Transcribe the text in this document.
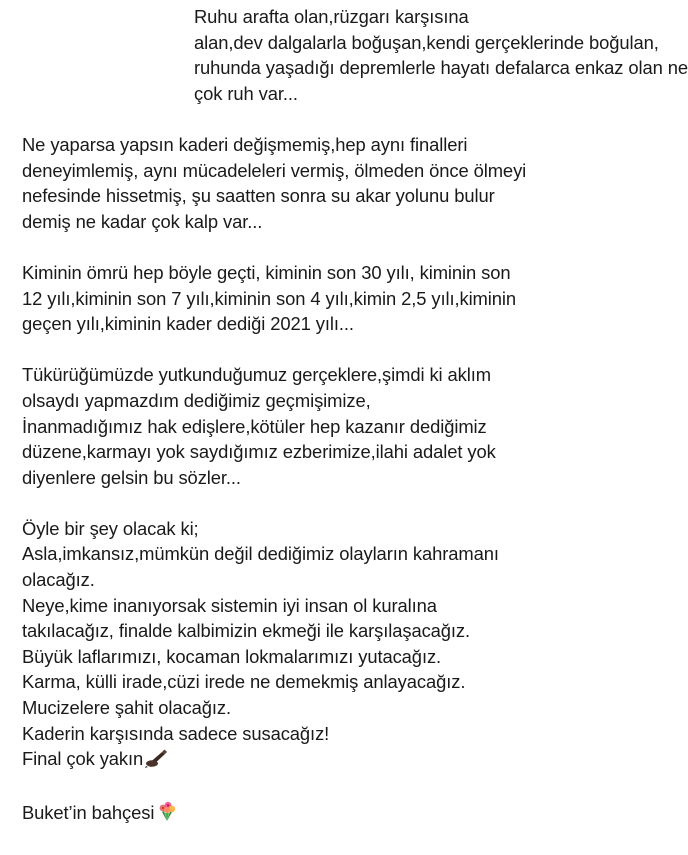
Ruhu arafta olan,rüzgarı karşısına
alan,dev dalgalarla boğuşan,kendi gerçeklerinde boğulan,
ruhunda yaşadığı depremlerle hayatı defalarca enkaz olan ne
çok ruh var...

Ne yaparsa yapsın kaderi değişmemiş,hep aynı finalleri
deneyimlemiş, aynı mücadeleleri vermiş, ölmeden önce ölmeyi
nefesinde hissetmiş, şu saatten sonra su akar yolunu bulur
demiş ne kadar çok kalp var...

Kiminin ömrü hep böyle geçti, kiminin son 30 yılı, kiminin son
12 yılı,kiminin son 7 yılı,kiminin son 4 yılı,kimin 2,5 yılı,kiminin
geçen yılı,kiminin kader dediği 2021 yılı...

Tükürüğümüzde yutkunduğumuz gerçeklere,şimdi ki aklım
olsaydı yapmazdım dediğimiz geçmişimize,
İnanmadığımız hak edişlere,kötüler hep kazanır dediğimiz
düzene,karmayı yok saydığımız ezberimize,ilahi adalet yok
diyenlere gelsin bu sözler...

Öyle bir şey olacak ki;
Asla,imkansız,mümkün değil dediğimiz olayların kahramanı
olacağız.
Neye,kime inanıyorsak sistemin iyi insan ol kuralına
takılacağız, finalde kalbimizin ekmeği ile karşılaşacağız.
Büyük laflarımızı, kocaman lokmalarımızı yutacağız.
Karma, külli irade,cüzi irede ne demekmiş anlayacağız.
Mucizelere şahit olacağız.
Kaderin karşısında sadece susacağız!
Final çok yakın

Buket’in bahçesi
